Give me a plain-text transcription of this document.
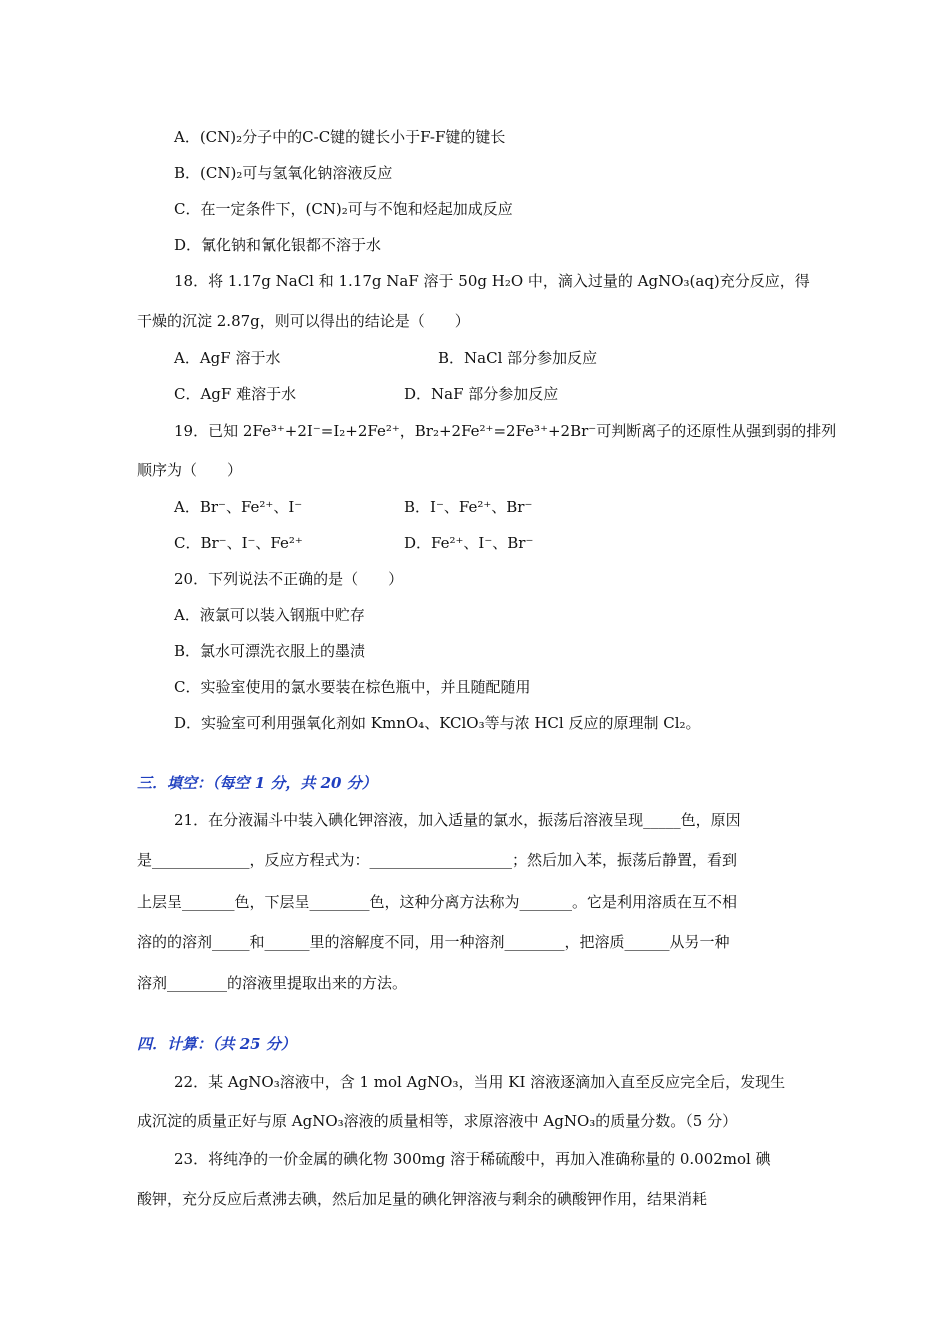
A．(CN)₂分子中的C-C键的键长小于F-F键的键长
B．(CN)₂可与氢氧化钠溶液反应
C．在一定条件下，(CN)₂可与不饱和烃起加成反应
D．氰化钠和氰化银都不溶于水
18．将 1.17g NaCl 和 1.17g NaF 溶于 50g H₂O 中，滴入过量的 AgNO₃(aq)充分反应，得
干燥的沉淀 2.87g，则可以得出的结论是（　　）
A．AgF 溶于水	B．NaCl 部分参加反应
C．AgF 难溶于水	D．NaF 部分参加反应
19．已知 2Fe³⁺+2I⁻=I₂+2Fe²⁺，Br₂+2Fe²⁺=2Fe³⁺+2Br⁻可判断离子的还原性从强到弱的排列
顺序为（　　）
A．Br⁻、Fe²⁺、I⁻	B．I⁻、Fe²⁺、Br⁻
C．Br⁻、I⁻、Fe²⁺	D．Fe²⁺、I⁻、Br⁻
20．下列说法不正确的是（　　）
A．液氯可以装入钢瓶中贮存
B．氯水可漂洗衣服上的墨渍
C．实验室使用的氯水要装在棕色瓶中，并且随配随用
D．实验室可利用强氧化剂如 KmnO₄、KClO₃等与浓 HCl 反应的原理制 Cl₂。
三．填空：（每空 1 分，共 20 分）
21．在分液漏斗中装入碘化钾溶液，加入适量的氯水，振荡后溶液呈现_____色，原因
是_____________，反应方程式为：___________________；然后加入苯，振荡后静置，看到
上层呈_______色，下层呈________色，这种分离方法称为_______。它是利用溶质在互不相
溶的的溶剂_____和______里的溶解度不同，用一种溶剂________，把溶质______从另一种
溶剂________的溶液里提取出来的方法。
四．计算：（共 25 分）
22．某 AgNO₃溶液中，含 1 mol AgNO₃，当用 KI 溶液逐滴加入直至反应完全后，发现生
成沉淀的质量正好与原 AgNO₃溶液的质量相等，求原溶液中 AgNO₃的质量分数。（5 分）
23．将纯净的一价金属的碘化物 300mg 溶于稀硫酸中，再加入准确称量的 0.002mol 碘
酸钾，充分反应后煮沸去碘，然后加足量的碘化钾溶液与剩余的碘酸钾作用，结果消耗
